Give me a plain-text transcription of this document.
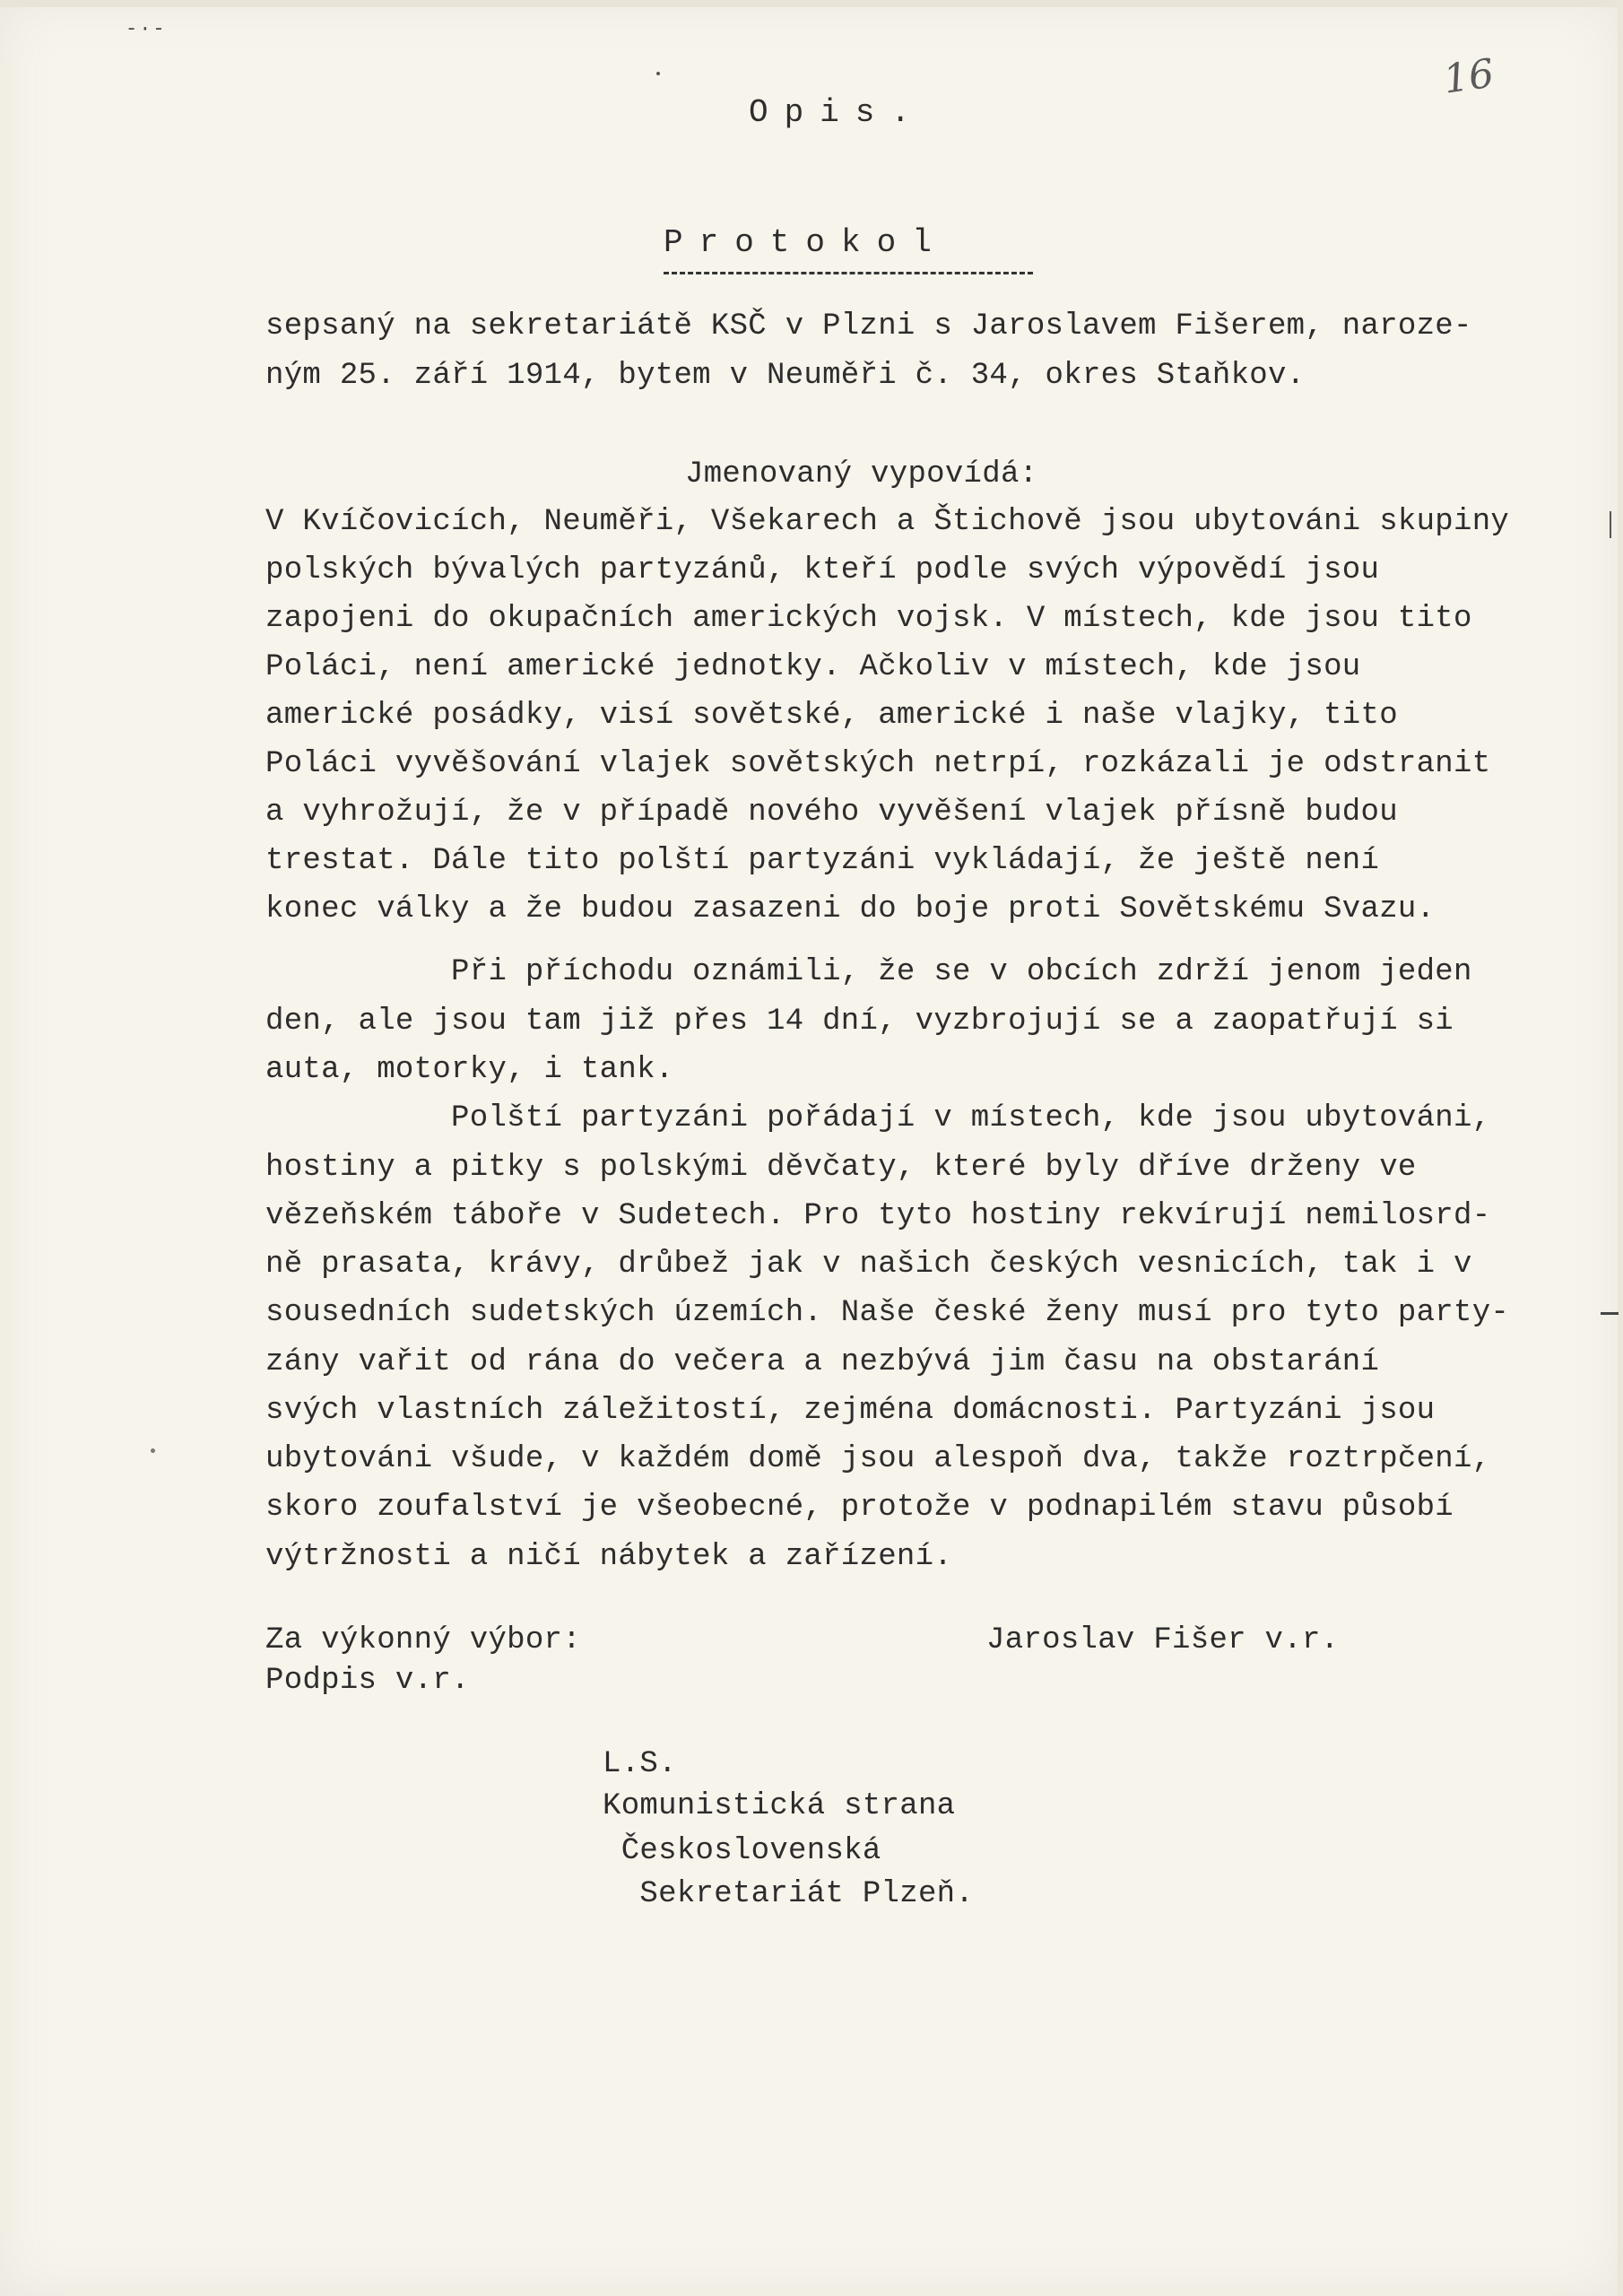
-·-
16
Opis.
Protokol
sepsaný na sekretariátě KSČ v Plzni s Jaroslavem Fišerem, naroze-
ným 25. září 1914, bytem v Neuměři č. 34, okres Staňkov.
Jmenovaný vypovídá:
V Kvíčovicích, Neuměři, Všekarech a Štichově jsou ubytováni skupiny
polských bývalých partyzánů, kteří podle svých výpovědí jsou
zapojeni do okupačních amerických vojsk. V místech, kde jsou tito
Poláci, není americké jednotky. Ačkoliv v místech, kde jsou
americké posádky, visí sovětské, americké i naše vlajky, tito
Poláci vyvěšování vlajek sovětských netrpí, rozkázali je odstranit
a vyhrožují, že v případě nového vyvěšení vlajek přísně budou
trestat. Dále tito polští partyzáni vykládají, že ještě není
konec války a že budou zasazeni do boje proti Sovětskému Svazu.
Při příchodu oznámili, že se v obcích zdrží jenom jeden
den, ale jsou tam již přes 14 dní, vyzbrojují se a zaopatřují si
auta, motorky, i tank.
Polští partyzáni pořádají v místech, kde jsou ubytováni,
hostiny a pitky s polskými děvčaty, které byly dříve drženy ve
vězeňském táboře v Sudetech. Pro tyto hostiny rekvírují nemilosrd-
ně prasata, krávy, drůbež jak v našich českých vesnicích, tak i v
sousedních sudetských územích. Naše české ženy musí pro tyto party-
zány vařit od rána do večera a nezbývá jim času na obstarání
svých vlastních záležitostí, zejména domácnosti. Partyzáni jsou
ubytováni všude, v každém domě jsou alespoň dva, takže roztrpčení,
skoro zoufalství je všeobecné, protože v podnapilém stavu působí
výtržnosti a ničí nábytek a zařízení.
Za výkonný výbor:
Podpis v.r.
Jaroslav Fišer v.r.
L.S.
Komunistická strana
Československá
Sekretariát Plzeň.
